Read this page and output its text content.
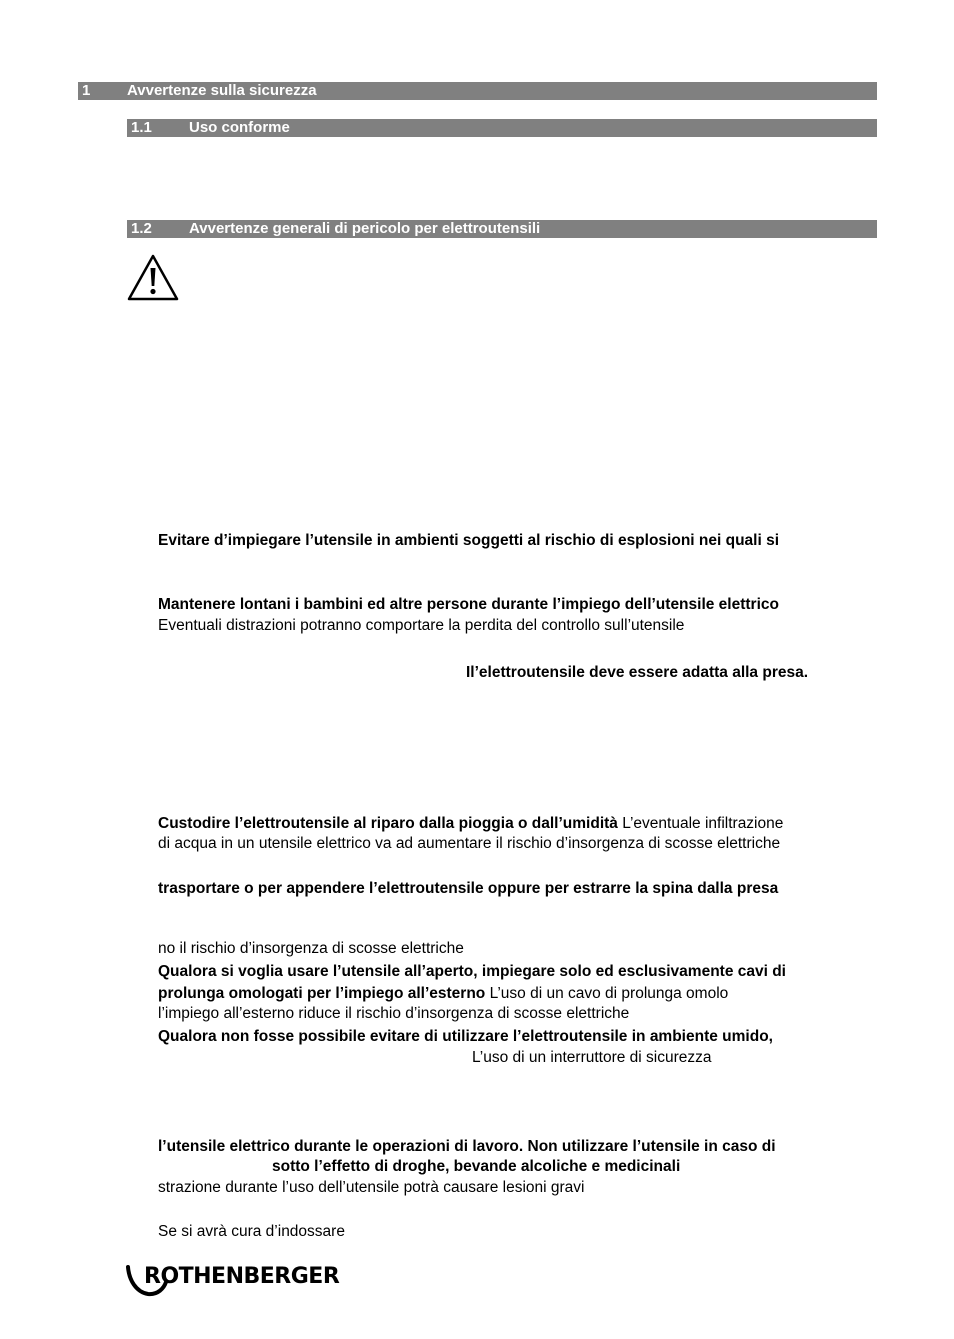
1 Avvertenze sulla sicurezza
1.1 Uso conforme
1.2 Avvertenze generali di pericolo per elettroutensili
Evitare d’impiegare l’utensile in ambienti soggetti al rischio di esplosioni nei quali si
Mantenere lontani i bambini ed altre persone durante l’impiego dell’utensile elettrico
Eventuali distrazioni potranno comportare la perdita del controllo sull’utensile
Il’elettroutensile deve essere adatta alla presa.
Custodire l’elettroutensile al riparo dalla pioggia o dall’umidità L’eventuale infiltrazione
di acqua in un utensile elettrico va ad aumentare il rischio d’insorgenza di scosse elettriche
trasportare o per appendere l’elettroutensile oppure per estrarre la spina dalla presa
no il rischio d’insorgenza di scosse elettriche
Qualora si voglia usare l’utensile all’aperto, impiegare solo ed esclusivamente cavi di
prolunga omologati per l’impiego all’esterno L’uso di un cavo di prolunga omolo
l’impiego all’esterno riduce il rischio d’insorgenza di scosse elettriche
Qualora non fosse possibile evitare di utilizzare l’elettroutensile in ambiente umido,
L’uso di un interruttore di sicurezza
l’utensile elettrico durante le operazioni di lavoro. Non utilizzare l’utensile in caso di
sotto l’effetto di droghe, bevande alcoliche e medicinali
strazione durante l’uso dell’utensile potrà causare lesioni gravi
Se si avrà cura d’indossare
ROTHENBERGER
